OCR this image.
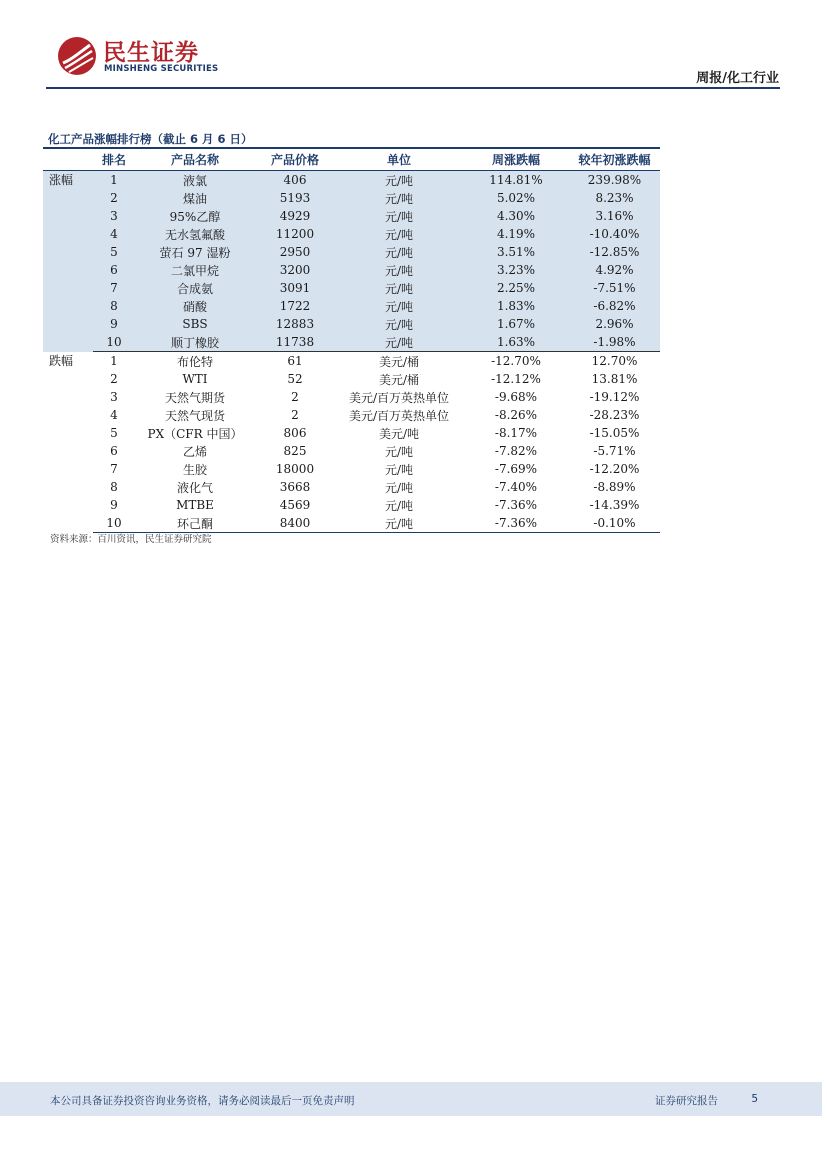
民生证券
MINSHENG SECURITIES
周报/化工行业
化工产品涨幅排行榜（截止 6 月 6 日）
	排名	产品名称	产品价格	单位	周涨跌幅	较年初涨跌幅
涨幅	1	液氯	406	元/吨	114.81%	239.98%
	2	煤油	5193	元/吨	5.02%	8.23%
	3	95%乙醇	4929	元/吨	4.30%	3.16%
	4	无水氢氟酸	11200	元/吨	4.19%	-10.40%
	5	萤石 97 湿粉	2950	元/吨	3.51%	-12.85%
	6	二氯甲烷	3200	元/吨	3.23%	4.92%
	7	合成氨	3091	元/吨	2.25%	-7.51%
	8	硝酸	1722	元/吨	1.83%	-6.82%
	9	SBS	12883	元/吨	1.67%	2.96%
	10	顺丁橡胶	11738	元/吨	1.63%	-1.98%
跌幅	1	布伦特	61	美元/桶	-12.70%	12.70%
	2	WTI	52	美元/桶	-12.12%	13.81%
	3	天然气期货	2	美元/百万英热单位	-9.68%	-19.12%
	4	天然气现货	2	美元/百万英热单位	-8.26%	-28.23%
	5	PX（CFR 中国）	806	美元/吨	-8.17%	-15.05%
	6	乙烯	825	元/吨	-7.82%	-5.71%
	7	生胶	18000	元/吨	-7.69%	-12.20%
	8	液化气	3668	元/吨	-7.40%	-8.89%
	9	MTBE	4569	元/吨	-7.36%	-14.39%
	10	环己酮	8400	元/吨	-7.36%	-0.10%
资料来源：百川资讯，民生证券研究院
本公司具备证券投资咨询业务资格，请务必阅读最后一页免责声明	证券研究报告	5
